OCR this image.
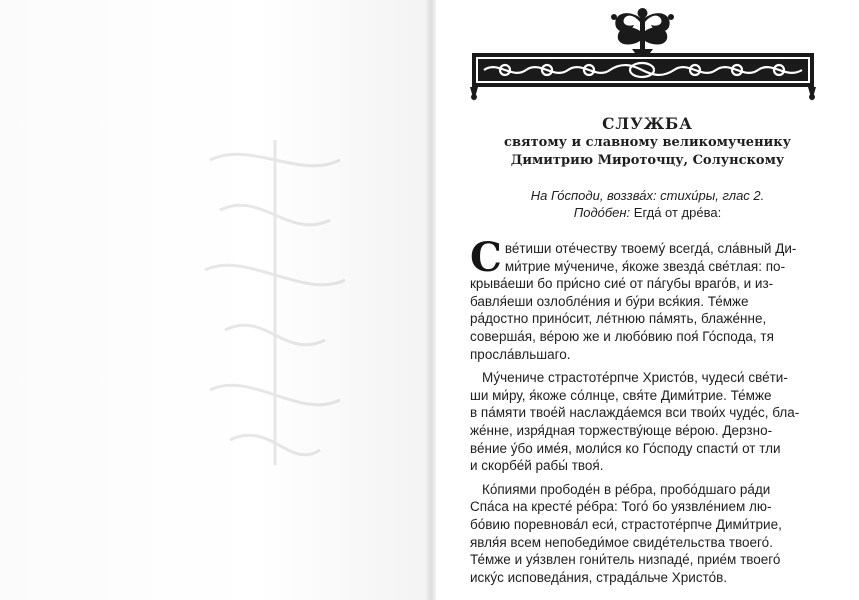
СЛУЖБА

святому и славному великомученику

Димитрию Мироточцу, Солунскому

На Го́споди, воззва́х: стихи́ры, глас 2.
Подо́бен: Егда́ от дре́ва:
С ве́тиши оте́честву твоему́ всегда́, сла́вный Ди-
ми́трие му́чениче, я́коже звезда́ све́тлая: по-
крыва́еши бо при́сно сие́ от па́губы враго́в, и из-
бавля́еши озлобле́ния и бу́ри вся́кия. Те́мже
ра́достно прино́сит, ле́тнюю па́мять, блаже́нне,
соверша́я, ве́рою же и любо́вию поя́ Го́спода, тя
просла́вльшаго.
Му́чениче страстоте́рпче Христо́в, чудеси́ све́ти-
ши ми́ру, я́коже со́лнце, свя́те Дими́трие. Те́мже
в па́мяти твое́й наслажда́емся вси твои́х чуде́с, бла-
же́нне, изря́дная торжеству́юще ве́рою. Дерзно-
ве́ние у́бо име́я, моли́ся ко Го́споду спасти́ от тли
и скорбе́й рабы́ твоя́.
Ко́пиями прободе́н в ре́бра, пробо́дшаго ра́ди
Спа́са на кресте́ ре́бра: Того́ бо уязвле́нием лю-
бо́вию поревнова́л еси́, страстоте́рпче Дими́трие,
явля́я всем непобеди́мое свиде́тельства твоего́.
Те́мже и уя́звлен гони́тель низпаде́, прие́м твоего́
иску́с исповеда́ния, страда́льче Христо́в.
